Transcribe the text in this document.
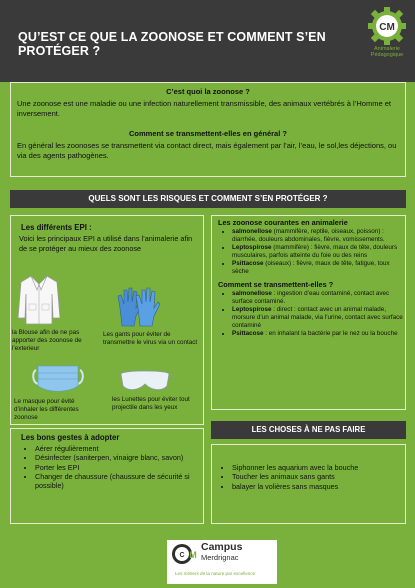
QU’EST CE QUE LA ZOONOSE ET COMMENT S’EN PROTÉGER ?
CM
Animalerie
Pédagogique
C’est quoi la zoonose ?
Une zoonose est une maladie ou une infection naturellement transmissible, des animaux vertébrés à l’Homme et inversement.
Comment se transmettent-elles en général ?
En général les zoonoses se transmettent via contact direct, mais également par l’air, l’eau, le sol,les déjections, ou via des agents pathogènes.
QUELS SONT LES RISQUES ET COMMENT S’EN PROTÉGER ?
Les différents EPI :
Voici les principaux EPI a utilisé dans l’animalerie afin de se protéger au mieux des zoonose
la Blouse afin de ne pas apporter des zoonose de l’exterieur
Les gants pour éviter de transmettre le virus via un contact
Le masque pour évité d’inhaler les différentes zoonose
les Lunettes pour éviter tout projectile dans les yeux
Les bons gestes à adopter
• Aérer régulièrement
• Désinfecter (saniterpen, vinaigre blanc, savon)
• Porter les EPI
• Changer de chaussure (chaussure de sécurité si possible)
Les zoonose courantes en animalerie
• salmonellose (mammifère, reptile, oiseaux, poisson) : diarrhée, douleurs abdominales, fièvre, vomissements.
• Leptospirose (mammifère) : fièvre, maux de tête, douleurs musculaires, parfois atteinte du foie ou des reins
• Psittacose (oiseaux) : fièvre, maux de tête, fatigue, toux sèche
Comment se transmettent-elles ?
• salmonellose : ingestion d’eau contaminé, contact avec surface contaminé.
• Leptospirose : direct : contact avec un animal malade, morsure d’un animal malade, via l’urine, contact avec surface contaminé
• Psittacose : en inhalant la bactérie par le nez ou la bouche
LES CHOSES À NE PAS FAIRE
• Siphonner les aquarium avec la bouche
• Toucher les animaux sans gants
• balayer la volières sans masques
C M
Campus
Merdrignac
Les métiers de la nature par excellence
